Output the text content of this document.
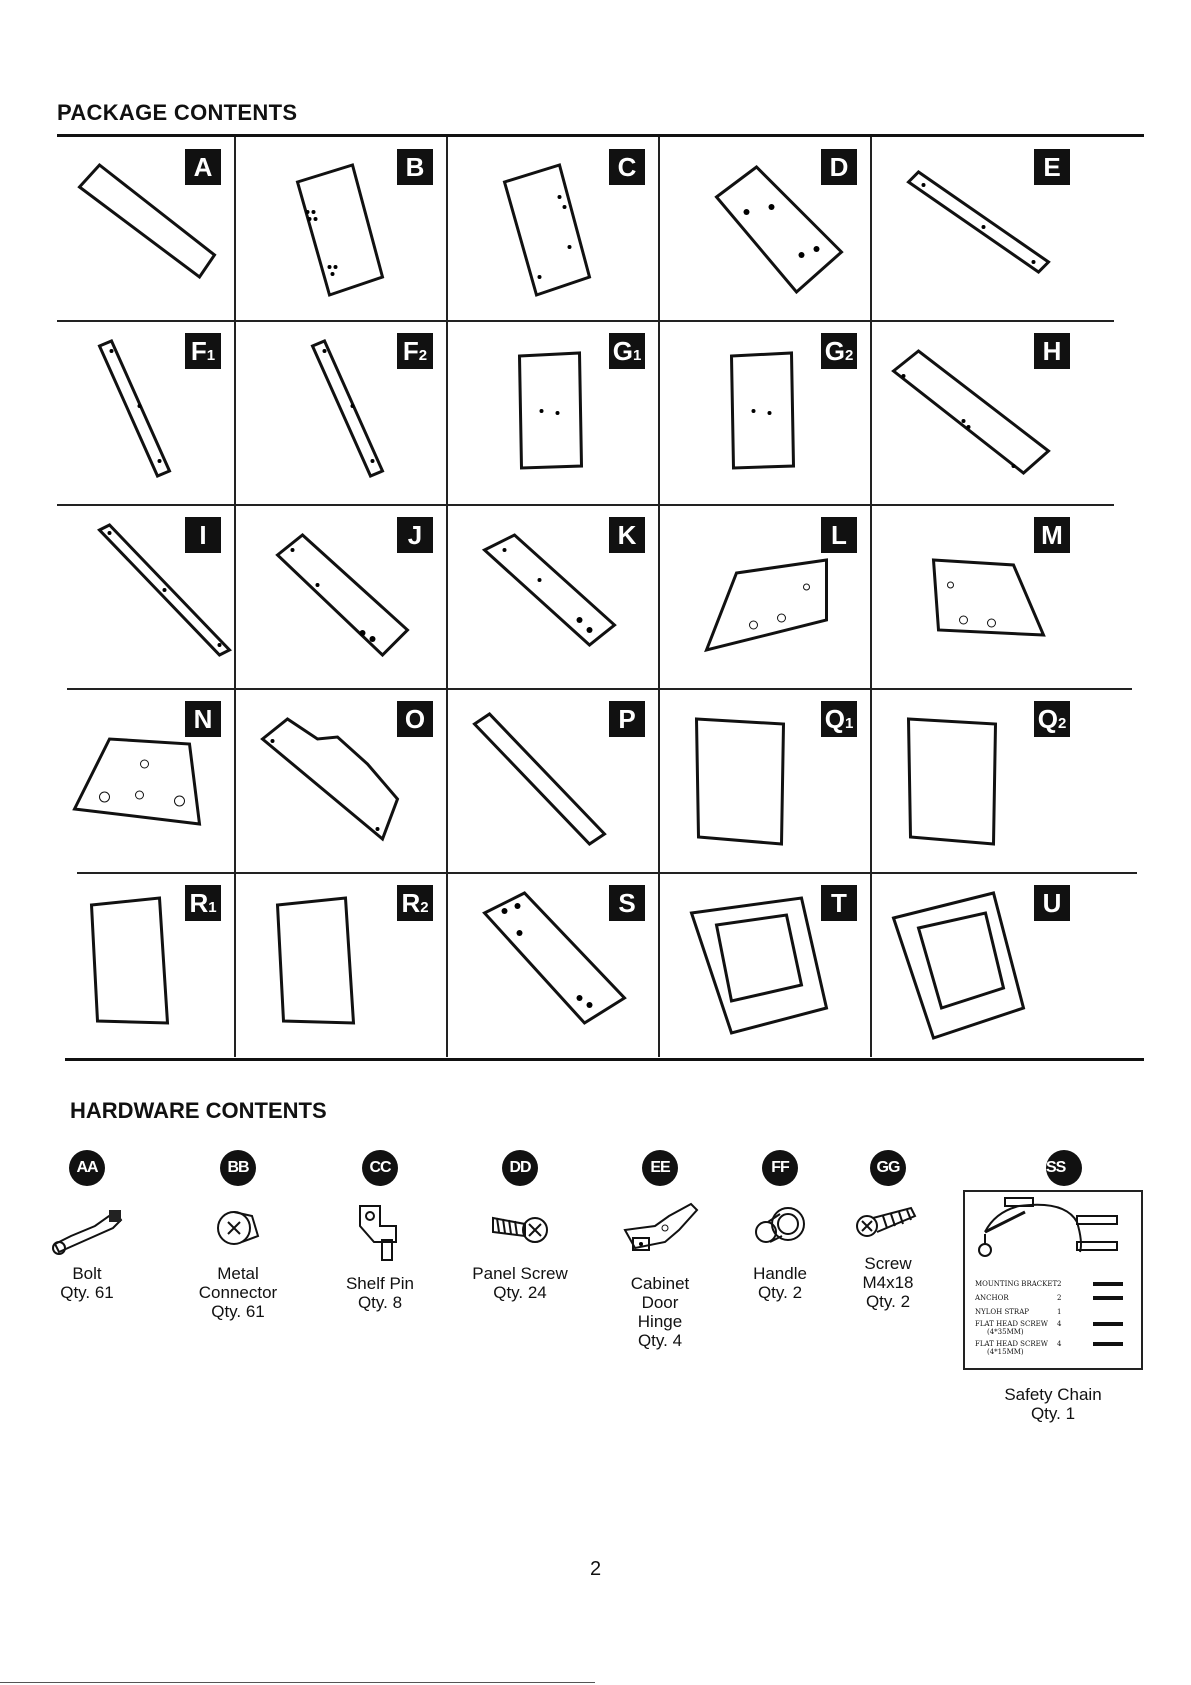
PACKAGE CONTENTS
A	B	C	D	E
F1	F2	G1	G2	H
I	J	K	L	M
N	O	P	Q1	Q2
R1	R2	S	T	U
HARDWARE CONTENTS
AA
Bolt
Qty. 61
BB
Metal
Connector
Qty. 61
CC
Shelf Pin
Qty. 8
DD
Panel Screw
Qty. 24
EE
Cabinet
Door
Hinge
Qty. 4
FF
Handle
Qty. 2
GG
Screw
M4x18
Qty. 2
SS
MOUNTING BRACKET 2
ANCHOR	2
NYLOH STRAP	1
FLAT HEAD SCREW
(4*35MM)
4
FLAT HEAD SCREW
(4*15MM)
4
Safety Chain
Qty. 1
2
